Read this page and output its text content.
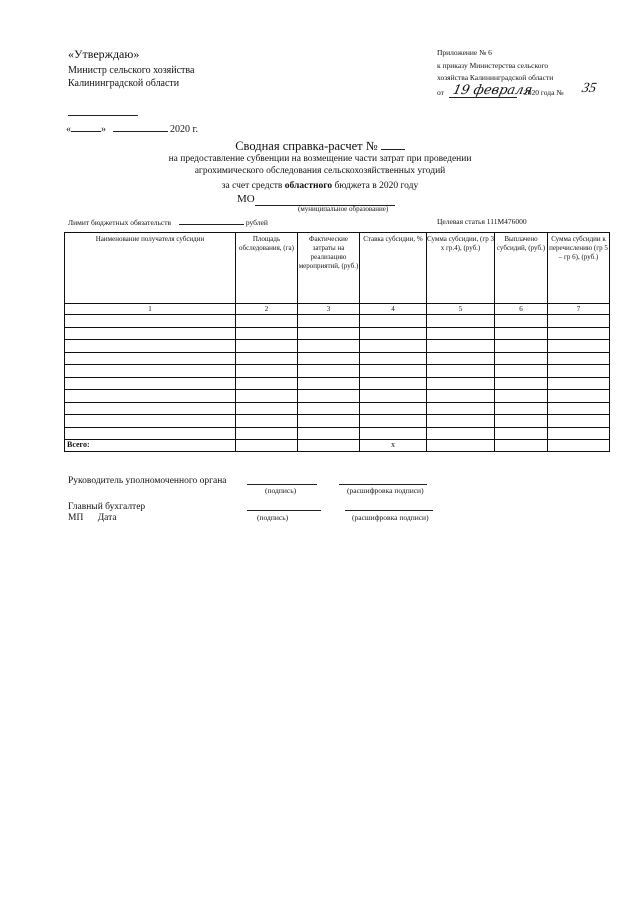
«Утверждаю»
Министр сельского хозяйства
Калининградской области
«	»	2020 г.
Приложение № 6
к приказу Министерства сельского
хозяйства Калининградской области
от 19 февраля
2020 года № 35
Сводная справка-расчет №
на предоставление субвенции на возмещение части затрат при проведении
агрохимического обследования сельскохозяйственных угодий
за счет средств областного бюджета в 2020 году
МО
(муниципальное образование)
Лимит бюджетных обязательств	рублей	Целевая статья 111М476000
Наименование получателя субсидии	Площадь обследования, (га)	Фактические затраты на реализацию мероприятий, (руб.)	Ставка субсидии, %	Сумма субсидии, (гр 3 х гр.4), (руб.)	Выплачено субсидий, (руб.)	Сумма субсидии к перечислению (гр 5 – гр 6), (руб.)
1	2	3	4	5	6	7

Всего:			х			
Руководитель уполномоченного органа
(подпись)	(расшифровка подписи)
Главный бухгалтер
МП Дата	(подпись)	(расшифровка подписи)
